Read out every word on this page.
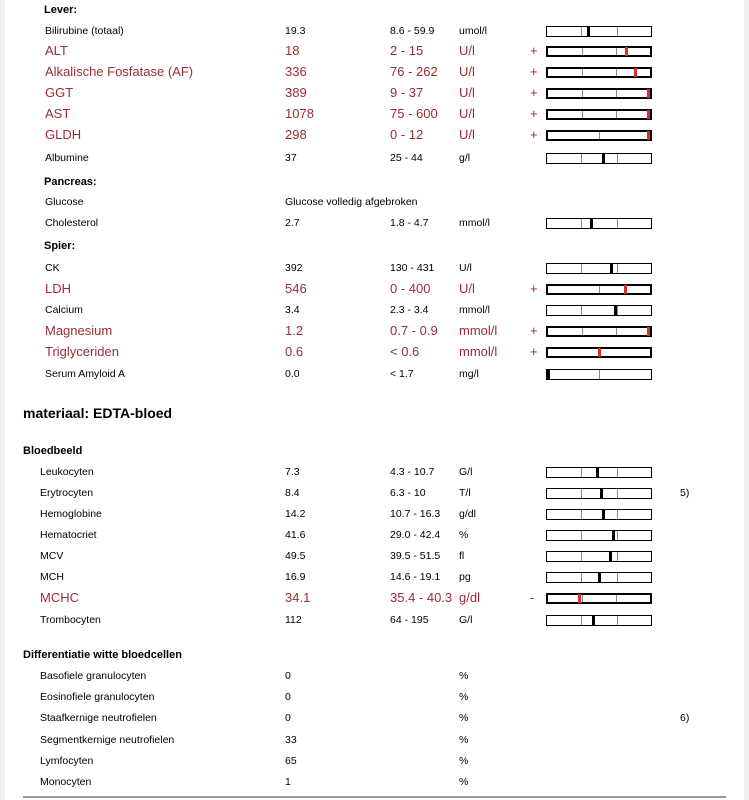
Lever:
Bilirubine (totaal)	19.3	8.6 - 59.9 umol/l
ALT	18	2 - 15	U/l	+
Alkalische Fosfatase (AF)	336	76 - 262 U/l	+
GGT	389	9 - 37	U/l	+
AST	1078	75 - 600 U/l	+
GLDH	298	0 - 12	U/l	+
Albumine	37	25 - 44	g/l
Pancreas:
Glucose	Glucose volledig afgebroken
Cholesterol	2.7	1.8 - 4.7	mmol/l
Spier:
CK	392	130 - 431 U/l
LDH	546	0 - 400 U/l	+
Calcium	3.4	2.3 - 3.4	mmol/l
Magnesium	1.2	0.7 - 0.9 mmol/l	+
Triglyceriden	0.6	< 0.6	mmol/l	+
Serum Amyloid A	0.0	< 1.7	mg/l
materiaal: EDTA-bloed
Bloedbeeld
Leukocyten	7.3	4.3 - 10.7 G/l
Erytrocyten	8.4	6.3 - 10	T/l	5)
Hemoglobine	14.2	10.7 - 16.3 g/dl
Hematocriet	41.6	29.0 - 42.4 %
MCV	49.5	39.5 - 51.5 fl
MCH	16.9	14.6 - 19.1 pg
MCHC	34.1	35.4 - 40.3 g/dl	-
Trombocyten	112	64 - 195	G/l
Differentiatie witte bloedcellen
Basofiele granulocyten	0	%
Eosinofiele granulocyten	0	%
Staafkernige neutrofielen	0	%	6)
Segmentkernige neutrofielen	33	%
Lymfocyten	65	%
Monocyten	1	%
